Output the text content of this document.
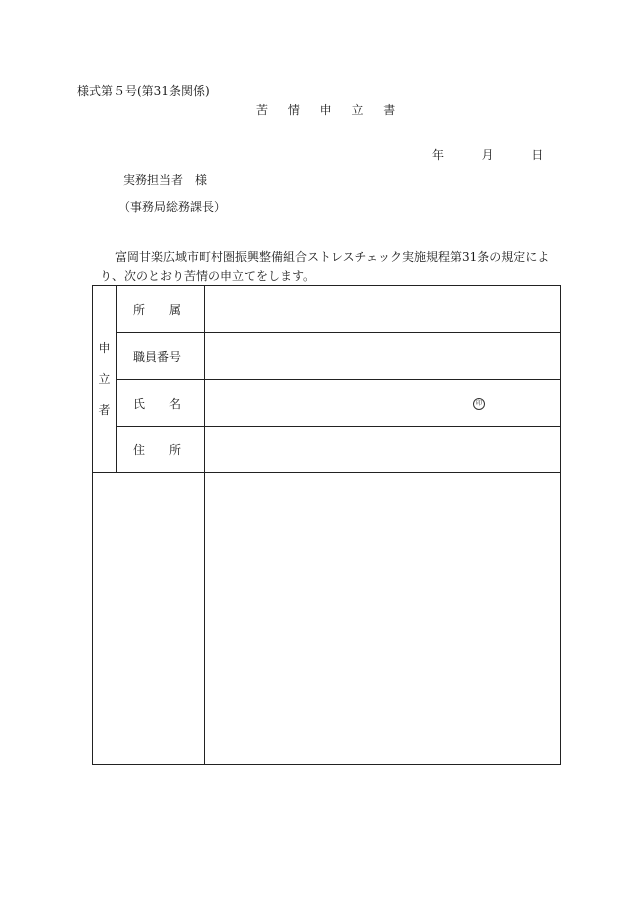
様式第５号(第31条関係)
苦 情 申 立 書
年	月	日
実務担当者　様
（事務局総務課長）
富岡甘楽広域市町村圏振興整備組合ストレスチェック実施規程第31条の規定により、次のとおり苦情の申立てをします。
申
立
者	所　　属	
	職員番号	
	氏　　名	印

	住　　所	
